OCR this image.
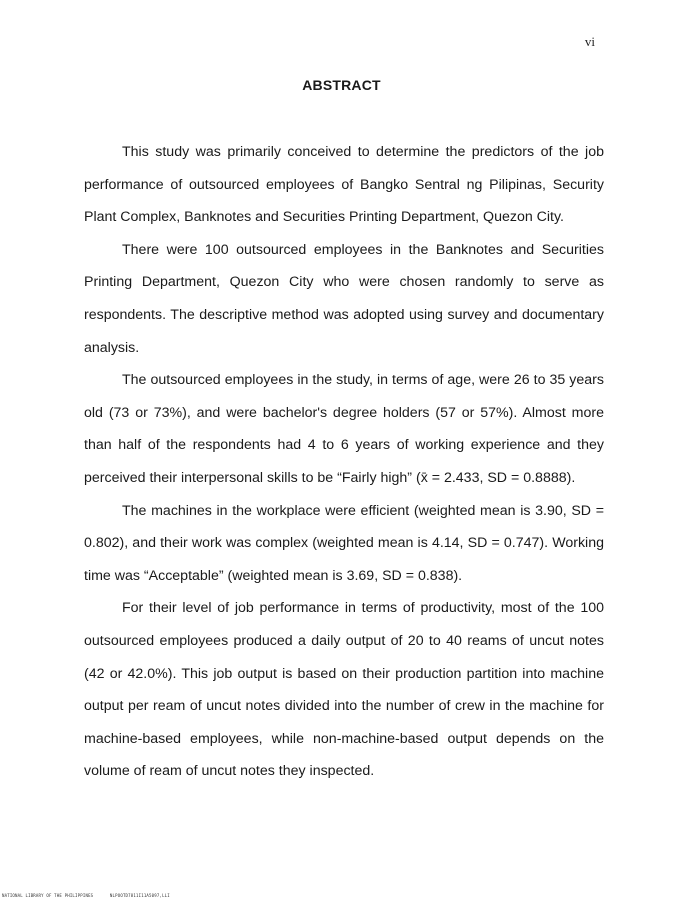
vi
ABSTRACT

This study was primarily conceived to determine the predictors of the job performance of outsourced employees of Bangko Sentral ng Pilipinas, Security Plant Complex, Banknotes and Securities Printing Department, Quezon City.

There were 100 outsourced employees in the Banknotes and Securities Printing Department, Quezon City who were chosen randomly to serve as respondents. The descriptive method was adopted using survey and documentary analysis.

The outsourced employees in the study, in terms of age, were 26 to 35 years old (73 or 73%), and were bachelor's degree holders (57 or 57%). Almost more than half of the respondents had 4 to 6 years of working experience and they perceived their interpersonal skills to be “Fairly high” (x̄ = 2.433, SD = 0.8888).

The machines in the workplace were efficient (weighted mean is 3.90, SD = 0.802), and their work was complex (weighted mean is 4.14, SD = 0.747). Working time was “Acceptable” (weighted mean is 3.69, SD = 0.838).

For their level of job performance in terms of productivity, most of the 100 outsourced employees produced a daily output of 20 to 40 reams of uncut notes (42 or 42.0%). This job output is based on their production partition into machine output per ream of uncut notes divided into the number of crew in the machine for machine-based employees, while non-machine-based output depends on the volume of ream of uncut notes they inspected.

NATIONAL LIBRARY OF THE PHILIPPINES	NLPOOTD7811I11A5097,LLI
